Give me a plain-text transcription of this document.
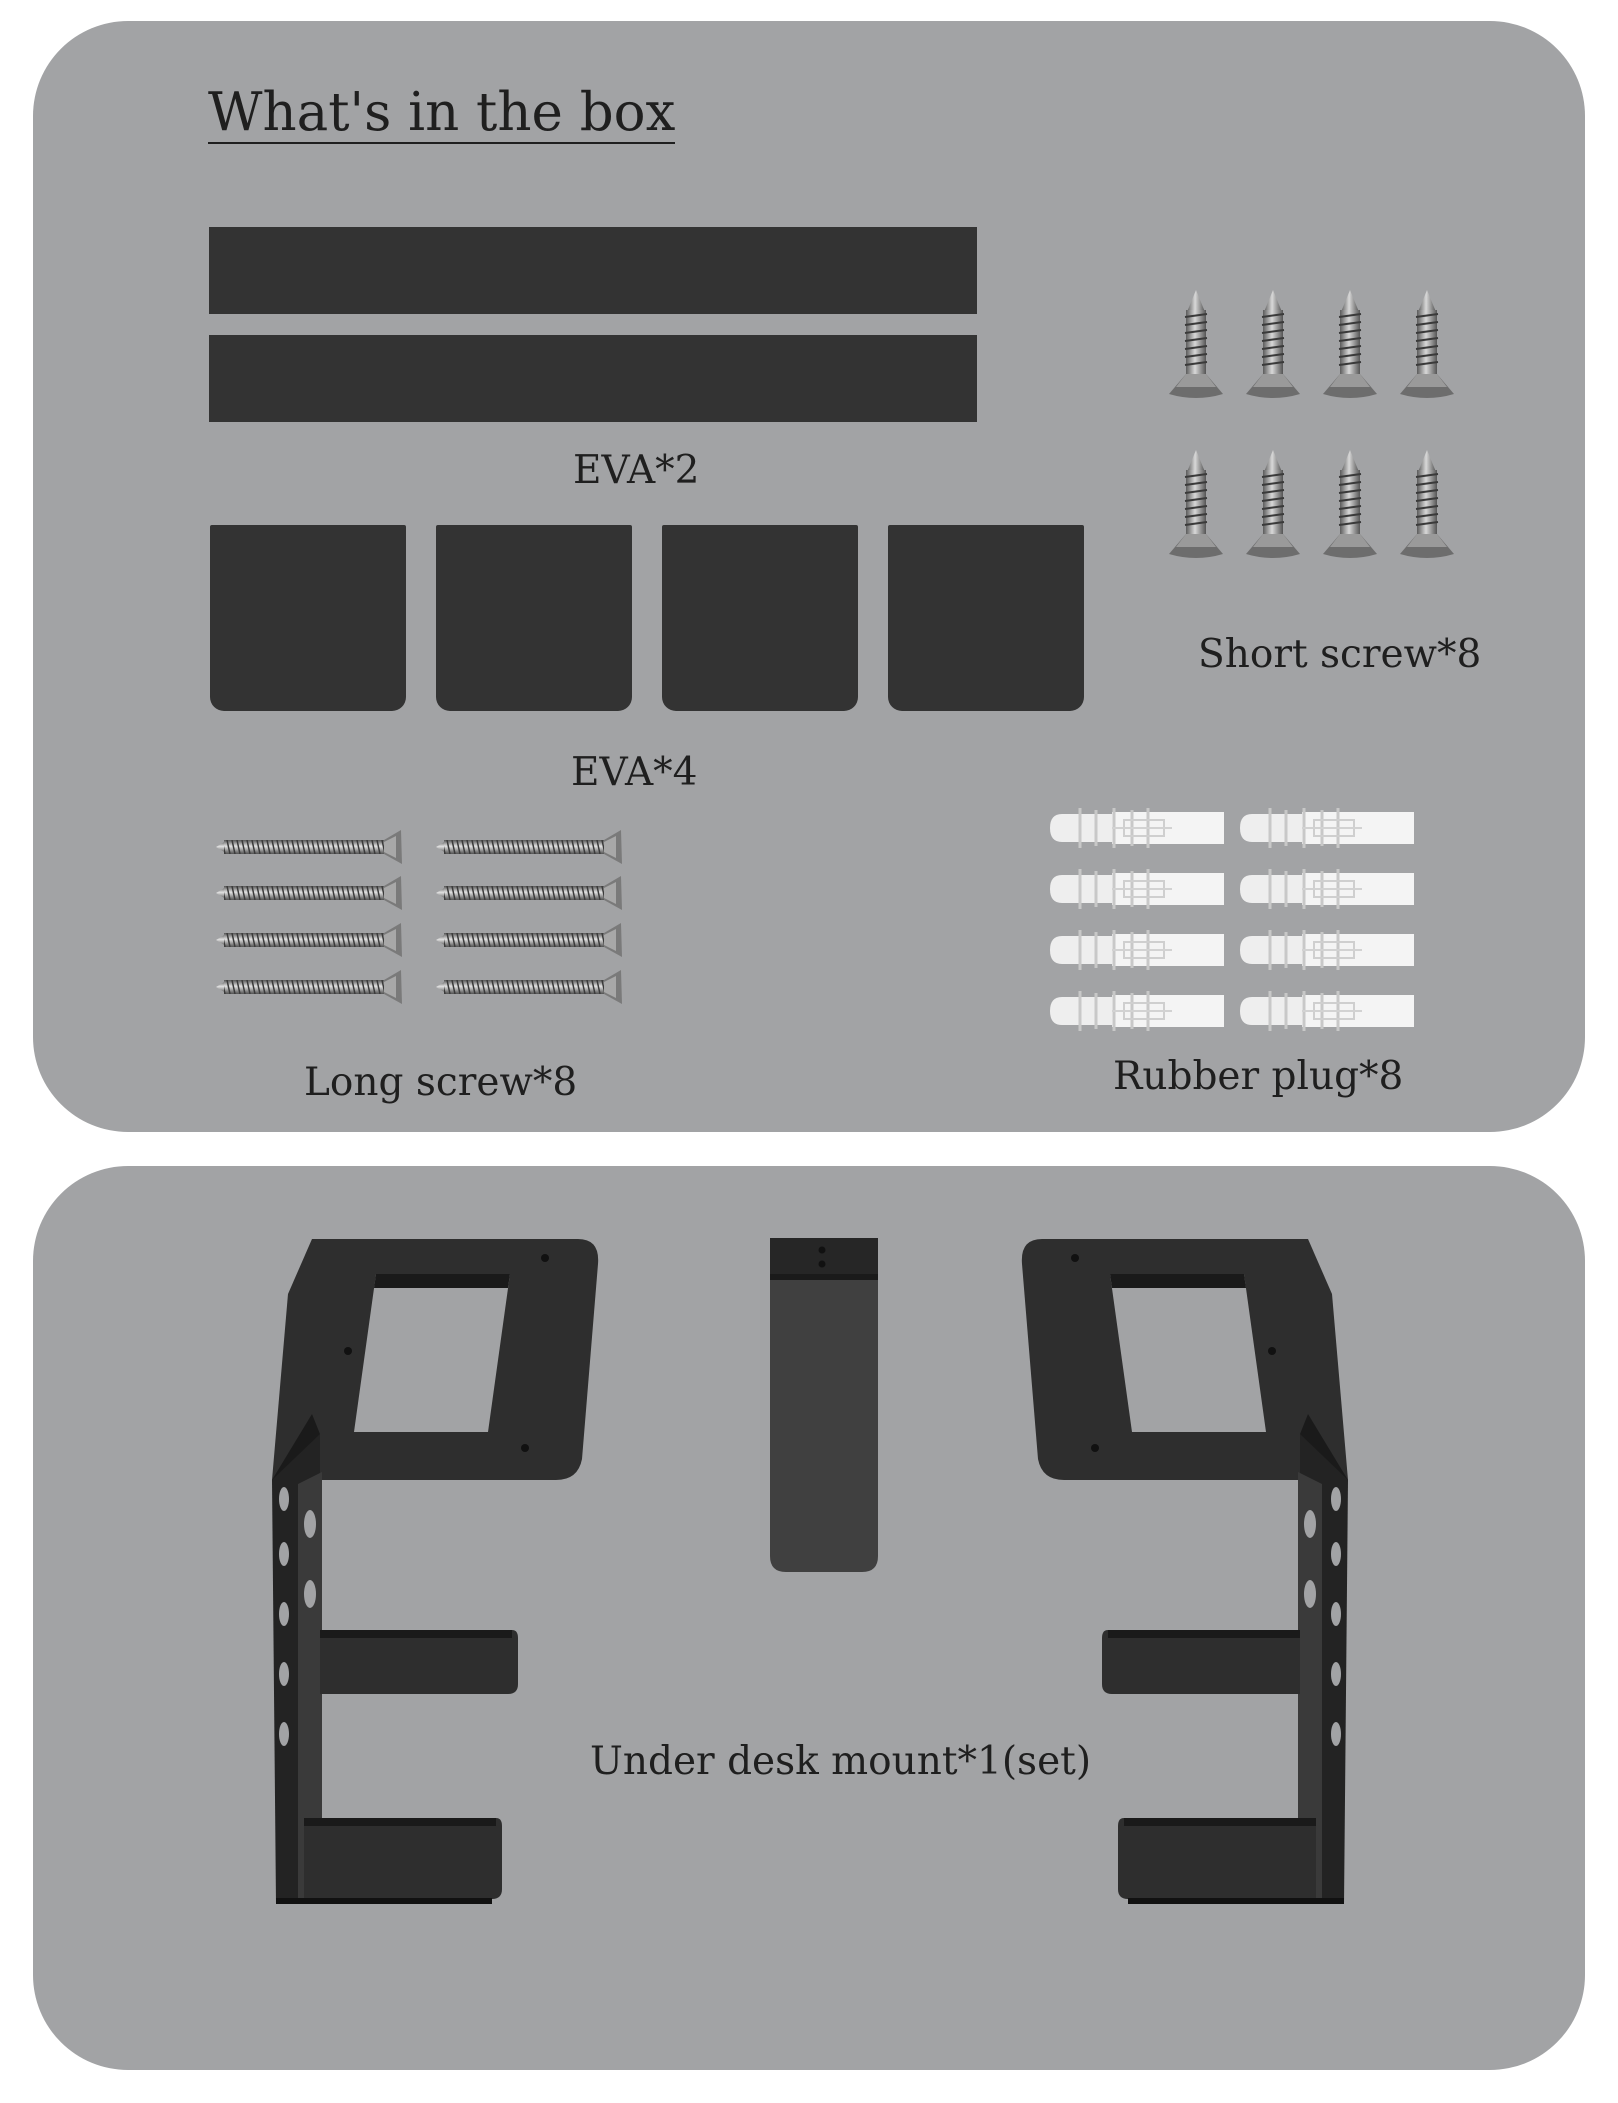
What's in the box
EVA*2
EVA*4
Short screw*8
Long screw*8	Rubber plug*8
Under desk mount*1(set)
